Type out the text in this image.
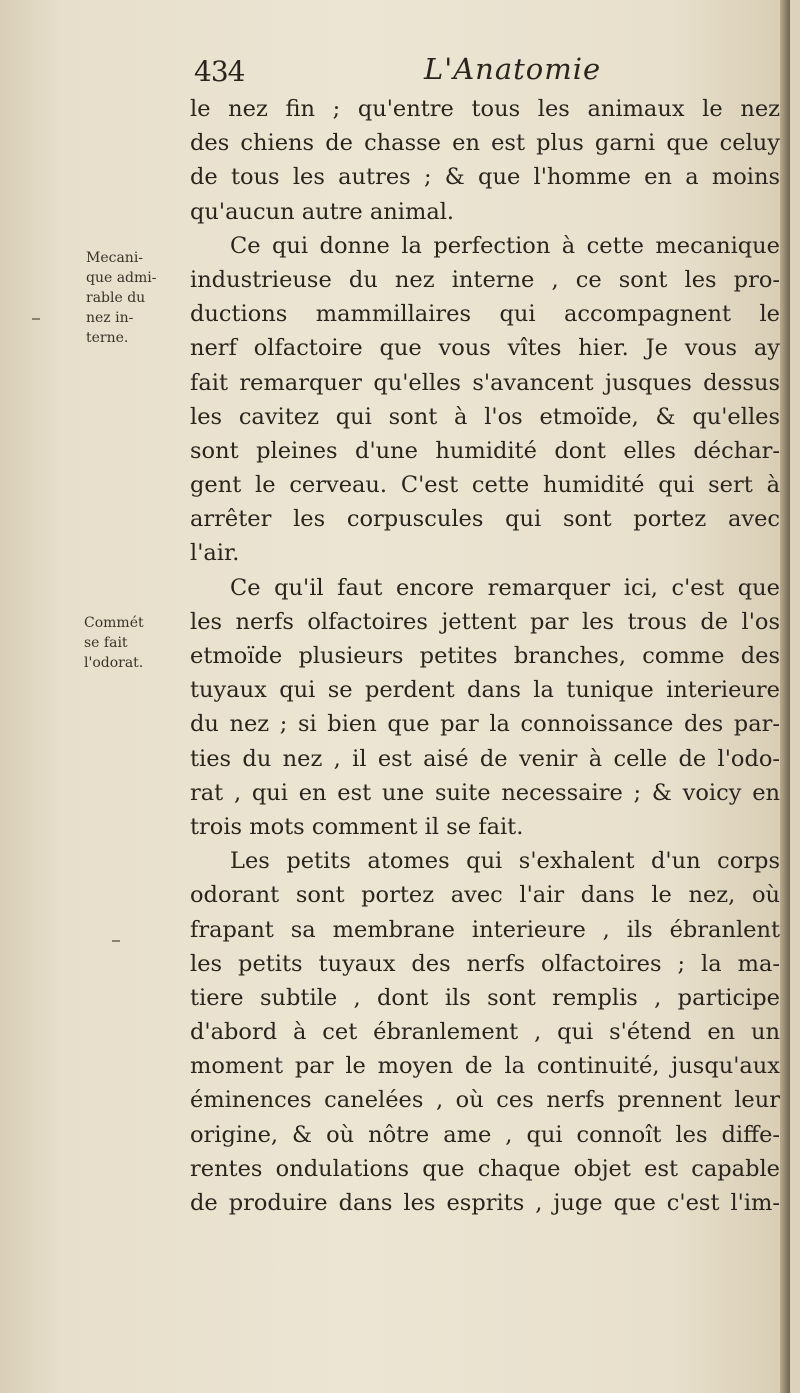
434	L'Anatomie
Mecani-
que admi-
rable du
nez in-
terne.
Commét
se fait
l'odorat.
le nez fin ; qu'entre tous les animaux le nez
des chiens de chasse en est plus garni que celuy
de tous les autres ; & que l'homme en a moins
qu'aucun autre animal.
Ce qui donne la perfection à cette mecanique
industrieuse du nez interne , ce sont les pro-
ductions mammillaires qui accompagnent le
nerf olfactoire que vous vîtes hier. Je vous ay
fait remarquer qu'elles s'avancent jusques dessus
les cavitez qui sont à l'os etmoïde, & qu'elles
sont pleines d'une humidité dont elles déchar-
gent le cerveau. C'est cette humidité qui sert à
arrêter les corpuscules qui sont portez avec
l'air.
Ce qu'il faut encore remarquer ici, c'est que
les nerfs olfactoires jettent par les trous de l'os
etmoïde plusieurs petites branches, comme des
tuyaux qui se perdent dans la tunique interieure
du nez ; si bien que par la connoissance des par-
ties du nez , il est aisé de venir à celle de l'odo-
rat , qui en est une suite necessaire ; & voicy en
trois mots comment il se fait.
Les petits atomes qui s'exhalent d'un corps
odorant sont portez avec l'air dans le nez, où
frapant sa membrane interieure , ils ébranlent
les petits tuyaux des nerfs olfactoires ; la ma-
tiere subtile , dont ils sont remplis , participe
d'abord à cet ébranlement , qui s'étend en un
moment par le moyen de la continuité, jusqu'aux
éminences canelées , où ces nerfs prennent leur
origine, & où nôtre ame , qui connoît les diffe-
rentes ondulations que chaque objet est capable
de produire dans les esprits , juge que c'est l'im-
